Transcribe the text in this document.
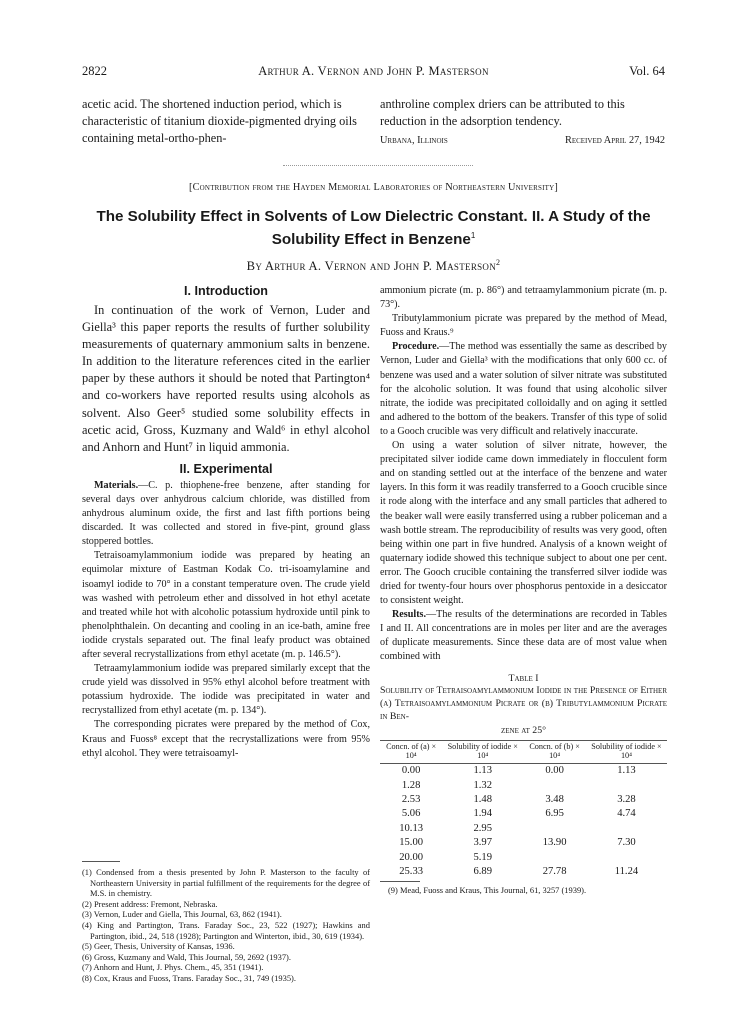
2822	Arthur A. Vernon and John P. Masterson	Vol. 64
acetic acid. The shortened induction period, which is characteristic of titanium dioxide-pigmented drying oils containing metal-ortho-phen-
anthroline complex driers can be attributed to this reduction in the adsorption tendency.
Urbana, Illinois	Received April 27, 1942
[Contribution from the Hayden Memorial Laboratories of Northeastern University]
The Solubility Effect in Solvents of Low Dielectric Constant. II. A Study of the Solubility Effect in Benzene$^1$
By Arthur A. Vernon and John P. Masterson$^2$
I. Introduction

In continuation of the work of Vernon, Luder and Giella³ this paper reports the results of further solubility measurements of quaternary ammonium salts in benzene. In addition to the literature references cited in the earlier paper by these authors it should be noted that Partington⁴ and co-workers have reported results using alcohols as solvent. Also Geer⁵ studied some solubility effects in acetic acid, Gross, Kuzmany and Wald⁶ in ethyl alcohol and Anhorn and Hunt⁷ in liquid ammonia.

II. Experimental

Materials.—C. p. thiophene-free benzene, after standing for several days over anhydrous calcium chloride, was distilled from anhydrous aluminum oxide, the first and last fifth portions being discarded. It was collected and stored in five-pint, ground glass stoppered bottles.

Tetraisoamylammonium iodide was prepared by heating an equimolar mixture of Eastman Kodak Co. tri-isoamylamine and isoamyl iodide to 70° in a constant temperature oven. The crude yield was washed with petroleum ether and dissolved in hot ethyl acetate and treated while hot with alcoholic potassium hydroxide until pink to phenolphthalein. On decanting and cooling in an ice-bath, amine free iodide crystals separated out. The final leafy product was obtained after several recrystallizations from ethyl acetate (m. p. 146.5°).

Tetraamylammonium iodide was prepared similarly except that the crude yield was dissolved in 95% ethyl alcohol before treatment with potassium hydroxide. The iodide was precipitated in water and recrystallized from ethyl acetate (m. p. 134°).

The corresponding picrates were prepared by the method of Cox, Kraus and Fuoss⁸ except that the recrystallizations were from 95% ethyl alcohol. They were tetraisoamyl-

(1) Condensed from a thesis presented by John P. Masterson to the faculty of Northeastern University in partial fulfillment of the requirements for the degree of M.S. in chemistry.

(2) Present address: Fremont, Nebraska.

(3) Vernon, Luder and Giella, This Journal, 63, 862 (1941).

(4) King and Partington, Trans. Faraday Soc., 23, 522 (1927); Hawkins and Partington, ibid., 24, 518 (1928); Partington and Winterton, ibid., 30, 619 (1934).

(5) Geer, Thesis, University of Kansas, 1936.

(6) Gross, Kuzmany and Wald, This Journal, 59, 2692 (1937).

(7) Anhorn and Hunt, J. Phys. Chem., 45, 351 (1941).

(8) Cox, Kraus and Fuoss, Trans. Faraday Soc., 31, 749 (1935).

ammonium picrate (m. p. 86°) and tetraamylammonium picrate (m. p. 73°).

Tributylammonium picrate was prepared by the method of Mead, Fuoss and Kraus.⁹

Procedure.—The method was essentially the same as described by Vernon, Luder and Giella³ with the modifications that only 600 cc. of benzene was used and a water solution of silver nitrate was substituted for the alcoholic solution. It was found that using alcoholic silver nitrate, the iodide was precipitated colloidally and on aging it settled and adhered to the bottom of the beakers. Transfer of this type of solid to a Gooch crucible was very difficult and relatively inaccurate.

On using a water solution of silver nitrate, however, the precipitated silver iodide came down immediately in flocculent form and on standing settled out at the interface of the benzene and water layers. In this form it was readily transferred to a Gooch crucible since it rode along with the interface and any small particles that adhered to the beaker wall were easily transferred using a rubber policeman and a wash bottle stream. The reproducibility of results was very good, often being within one part in five hundred. Analysis of a known weight of quaternary iodide showed this technique subject to about one per cent. error. The Gooch crucible containing the transferred silver iodide was dried for twenty-four hours over phosphorus pentoxide in a desiccator to consistent weight.

Results.—The results of the determinations are recorded in Tables I and II. All concentrations are in moles per liter and are the averages of duplicate measurements. Since these data are of most value when combined with

Table I
Solubility of Tetraisoamylammonium Iodide in the Presence of Either (a) Tetraisoamylammonium Picrate or (b) Tributylammonium Picrate in Ben-
zene at 25°
Concn. of (a) × 10⁴	Solubility of iodide × 10⁴	Concn. of (b) × 10⁴	Solubility of iodide × 10⁴
0.00	1.13	0.00	1.13
1.28	1.32		
2.53	1.48	3.48	3.28
5.06	1.94	6.95	4.74
10.13	2.95		
15.00	3.97	13.90	7.30
20.00	5.19		
25.33	6.89	27.78	11.24
(9) Mead, Fuoss and Kraus, This Journal, 61, 3257 (1939).
